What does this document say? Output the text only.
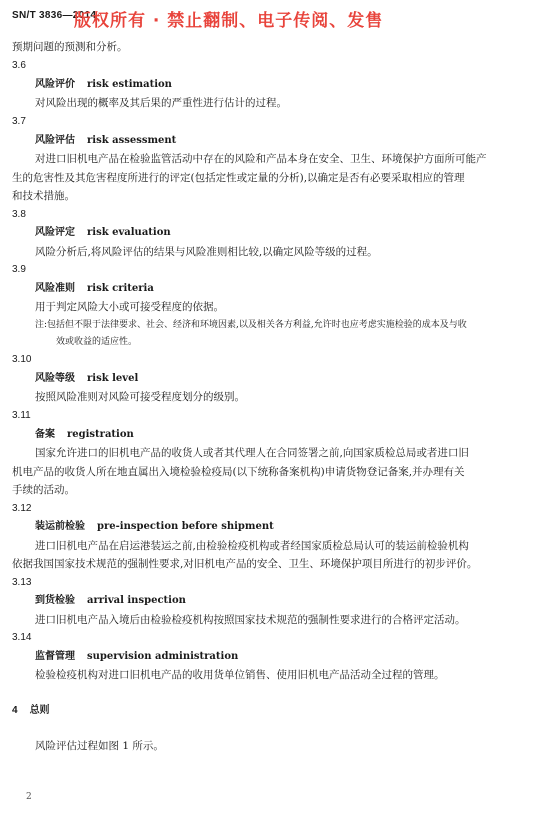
SN/T 3836—2014
版权所有 · 禁止翻制、电子传阅、发售
预期问题的预测和分析。
3.6
风险评价 risk estimation
对风险出现的概率及其后果的严重性进行估计的过程。
3.7
风险评估 risk assessment
对进口旧机电产品在检验监管活动中存在的风险和产品本身在安全、卫生、环境保护方面所可能产
生的危害性及其危害程度所进行的评定(包括定性或定量的分析),以确定是否有必要采取相应的管理
和技术措施。
3.8
风险评定 risk evaluation
风险分析后,将风险评估的结果与风险准则相比较,以确定风险等级的过程。
3.9
风险准则 risk criteria
用于判定风险大小或可接受程度的依据。
注:包括但不限于法律要求、社会、经济和环境因素,以及相关各方利益,允许时也应考虑实施检验的成本及与收
效或收益的适应性。
3.10
风险等级 risk level
按照风险准则对风险可接受程度划分的级别。
3.11
备案 registration
国家允许进口的旧机电产品的收货人或者其代理人在合同签署之前,向国家质检总局或者进口旧
机电产品的收货人所在地直属出入境检验检疫局(以下统称备案机构)申请货物登记备案,并办理有关
手续的活动。
3.12
装运前检验 pre-inspection before shipment
进口旧机电产品在启运港装运之前,由检验检疫机构或者经国家质检总局认可的装运前检验机构
依据我国国家技术规范的强制性要求,对旧机电产品的安全、卫生、环境保护项目所进行的初步评价。
3.13
到货检验 arrival inspection
进口旧机电产品入境后由检验检疫机构按照国家技术规范的强制性要求进行的合格评定活动。
3.14
监督管理 supervision administration
检验检疫机构对进口旧机电产品的收用货单位销售、使用旧机电产品活动全过程的管理。
4 总则
风险评估过程如图 1 所示。
2
